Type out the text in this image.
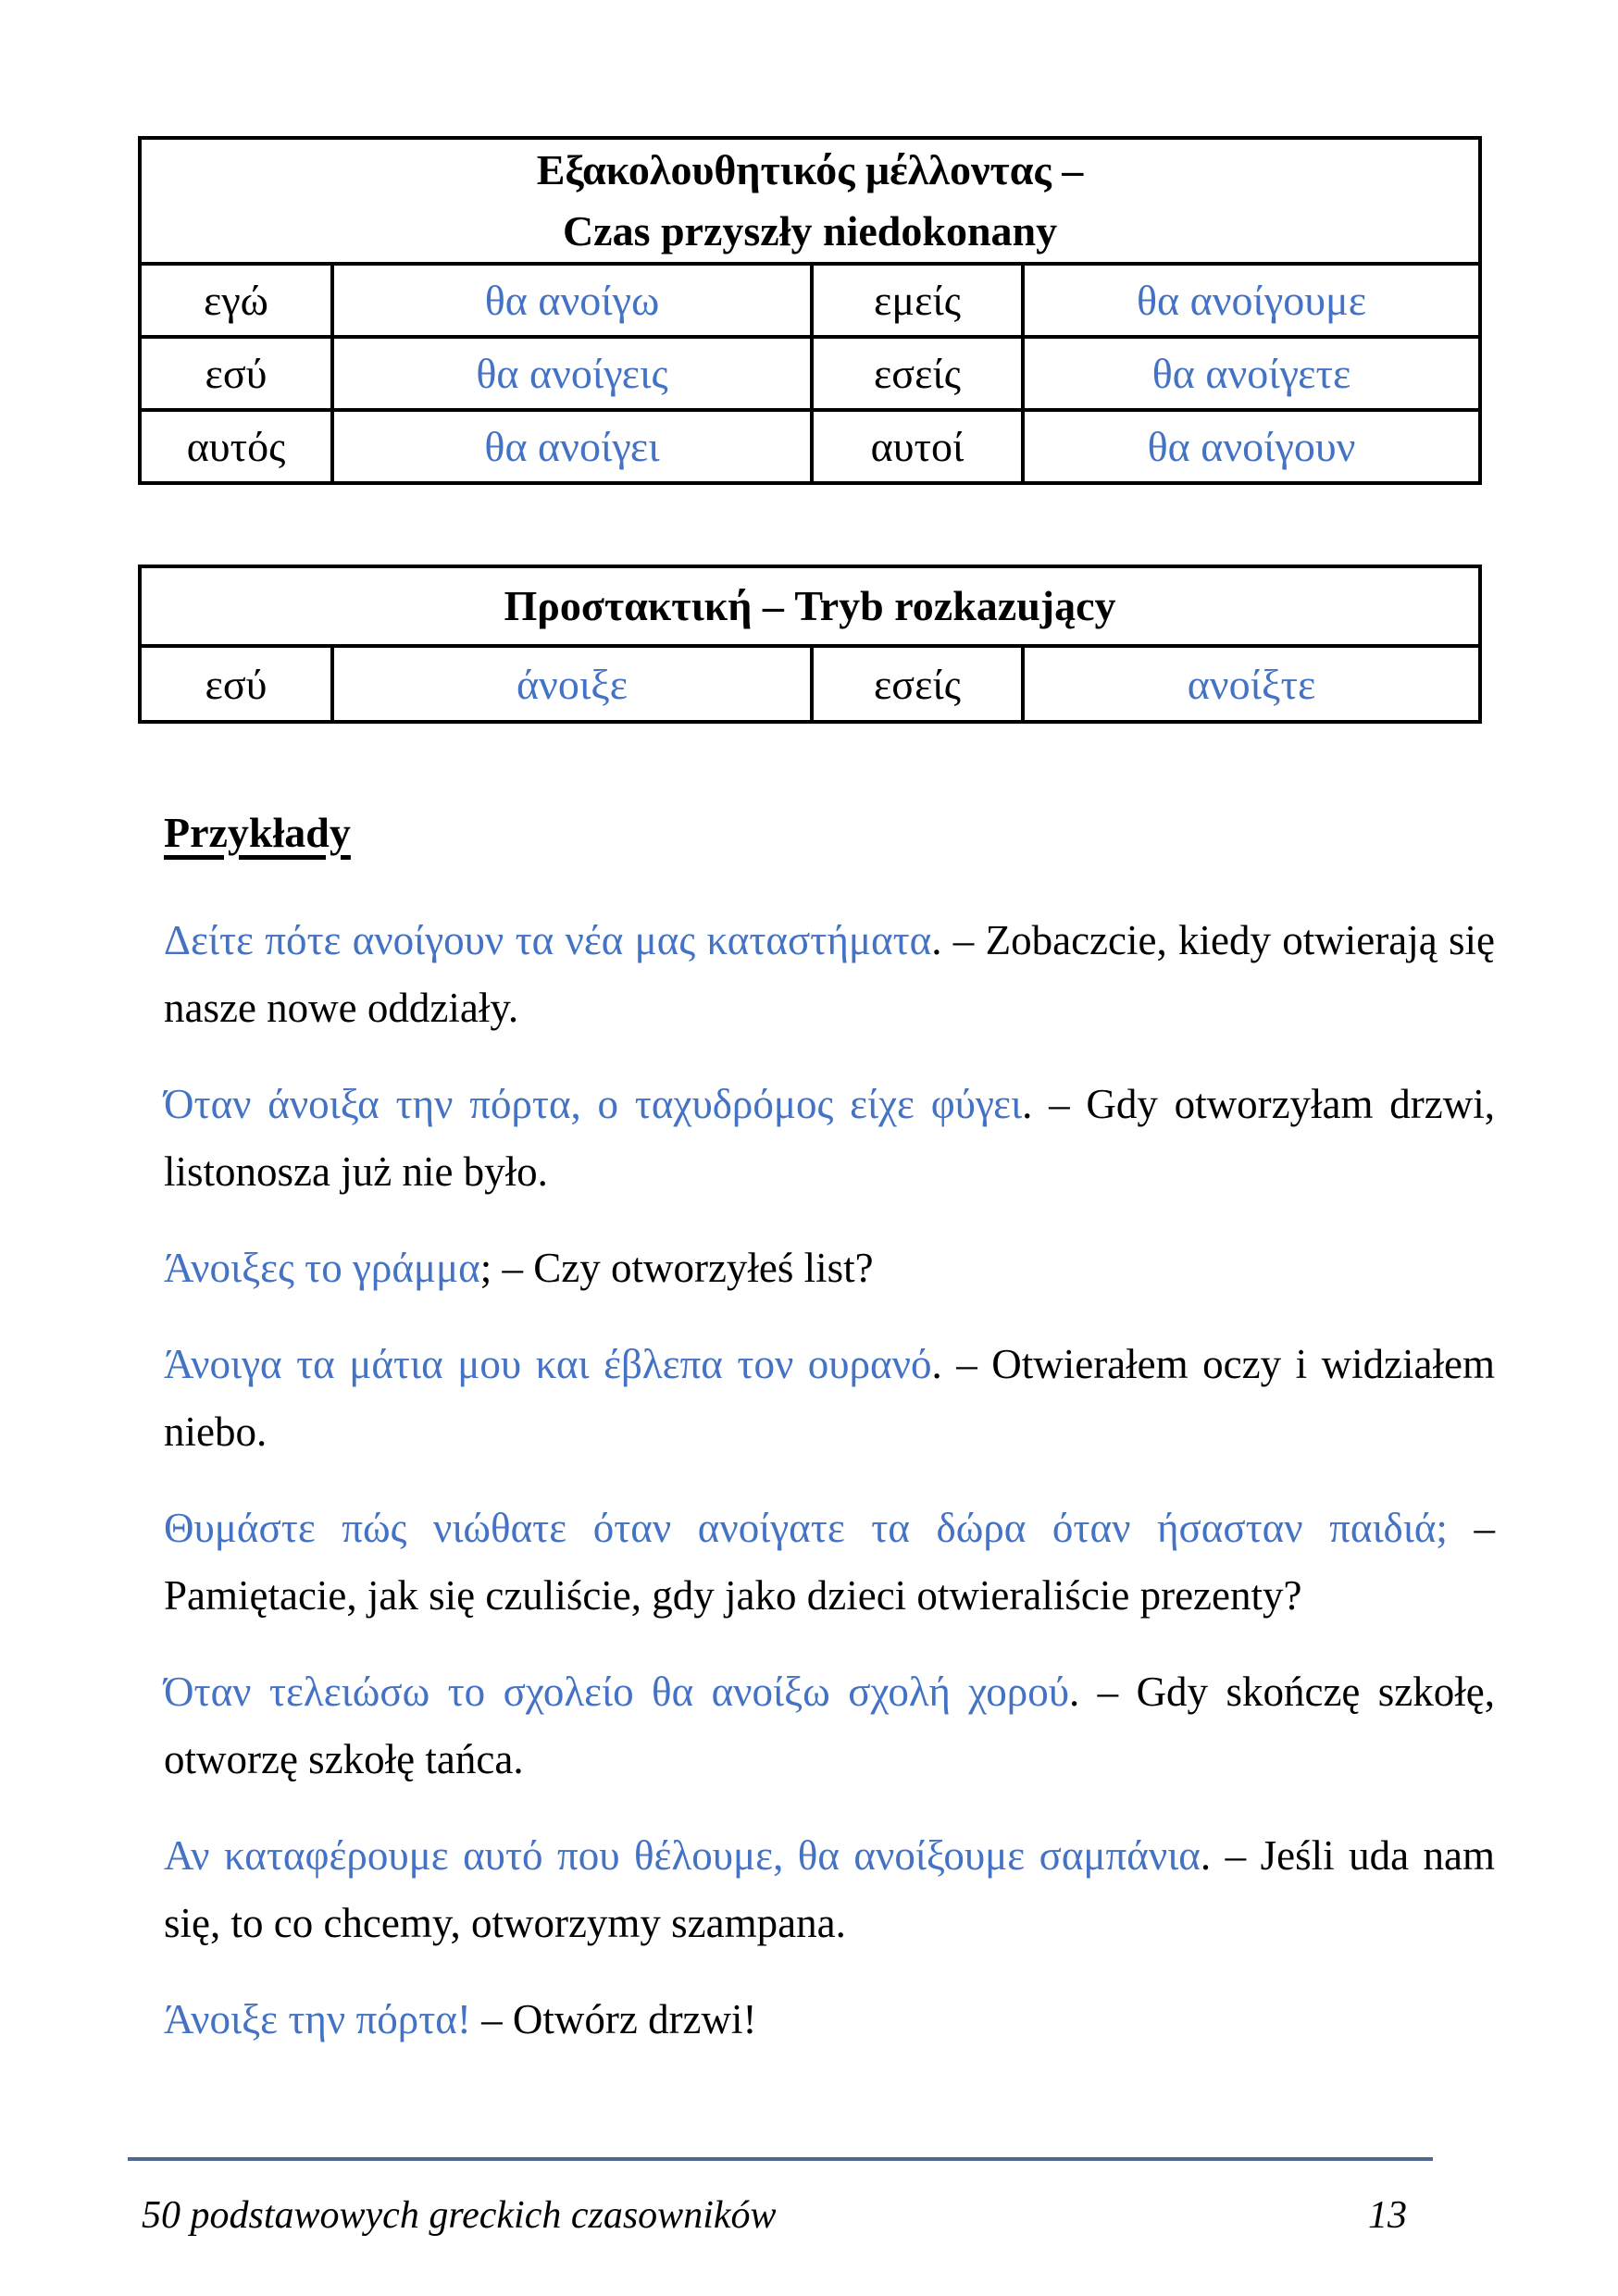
Εξακολουθητικός μέλλοντας –
Czas przyszły niedokonany			
εγώ	θα ανοίγω	εμείς	θα ανοίγουμε
εσύ	θα ανοίγεις	εσείς	θα ανοίγετε
αυτός	θα ανοίγει	αυτοί	θα ανοίγουν
Προστακτική – Tryb rozkazujący
εσύ	άνοιξε	εσείς	ανοίξτε
Przykłady

Δείτε πότε ανοίγουν τα νέα μας καταστήματα. – Zobaczcie, kiedy otwierają się nasze nowe oddziały.

Όταν άνοιξα την πόρτα, ο ταχυδρόμος είχε φύγει. – Gdy otworzyłam drzwi, listonosza już nie było.

Άνοιξες το γράμμα; – Czy otworzyłeś list?

Άνοιγα τα μάτια μου και έβλεπα τον ουρανό. – Otwierałem oczy i widziałem niebo.

Θυμάστε πώς νιώθατε όταν ανοίγατε τα δώρα όταν ήσασταν παιδιά; – Pamiętacie, jak się czuliście, gdy jako dzieci otwieraliście prezenty?

Όταν τελειώσω το σχολείο θα ανοίξω σχολή χορού. – Gdy skończę szkołę, otworzę szkołę tańca.

Αν καταφέρουμε αυτό που θέλουμε, θα ανοίξουμε σαμπάνια. – Jeśli uda nam się, to co chcemy, otworzymy szampana.

Άνοιξε την πόρτα! – Otwórz drzwi!

50 podstawowych greckich czasowników	13
